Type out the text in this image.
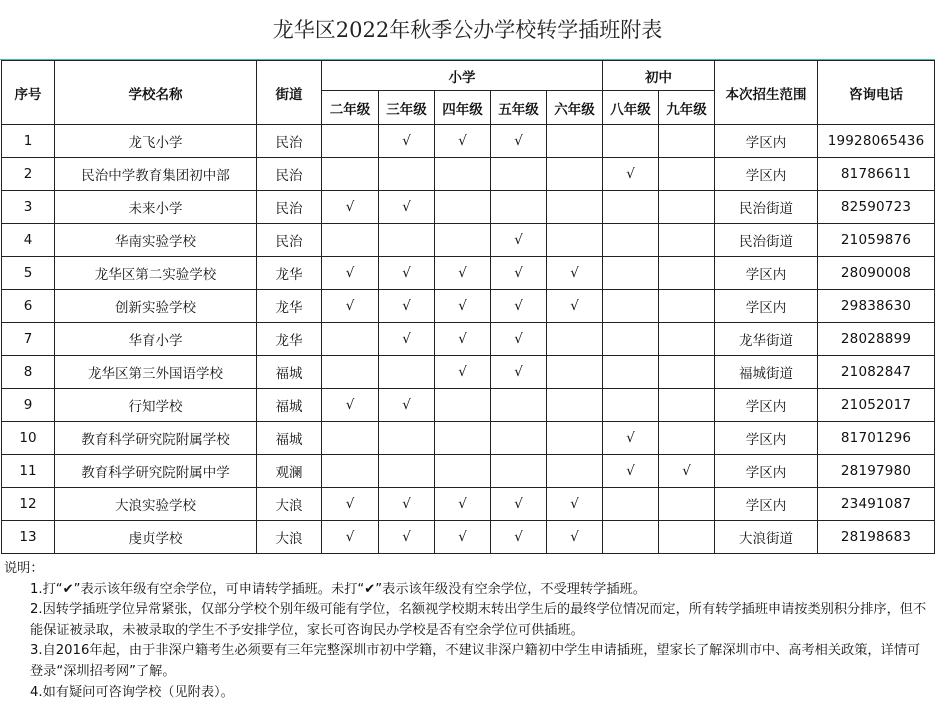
龙华区2022年秋季公办学校转学插班附表
序号	学校名称	街道	小学					初中		本次招生范围	咨询电话
			二年级	三年级	四年级	五年级	六年级	八年级	九年级		
1	龙飞小学	民治		√	√	√				学区内	19928065436
2	民治中学教育集团初中部	民治						√		学区内	81786611
3	未来小学	民治	√	√						民治街道	82590723
4	华南实验学校	民治				√				民治街道	21059876
5	龙华区第二实验学校	龙华	√	√	√	√	√			学区内	28090008
6	创新实验学校	龙华	√	√	√	√	√			学区内	29838630
7	华育小学	龙华		√	√	√				龙华街道	28028899
8	龙华区第三外国语学校	福城			√	√				福城街道	21082847
9	行知学校	福城	√	√						学区内	21052017
10	教育科学研究院附属学校	福城						√		学区内	81701296
11	教育科学研究院附属中学	观澜						√	√	学区内	28197980
12	大浪实验学校	大浪	√	√	√	√	√			学区内	23491087
13	虔贞学校	大浪	√	√	√	√	√			大浪街道	28198683

说明：

1.打“✔”表示该年级有空余学位，可申请转学插班。未打“✔”表示该年级没有空余学位，不受理转学插班。

2.因转学插班学位异常紧张，仅部分学校个别年级可能有学位，名额视学校期末转出学生后的最终学位情况而定，所有转学插班申请按类别积分排序，但不能保证被录取，未被录取的学生不予安排学位，家长可咨询民办学校是否有空余学位可供插班。

3.自2016年起，由于非深户籍考生必须要有三年完整深圳市初中学籍，不建议非深户籍初中学生申请插班，望家长了解深圳市中、高考相关政策，详情可登录“深圳招考网”了解。

4.如有疑问可咨询学校（见附表）。
